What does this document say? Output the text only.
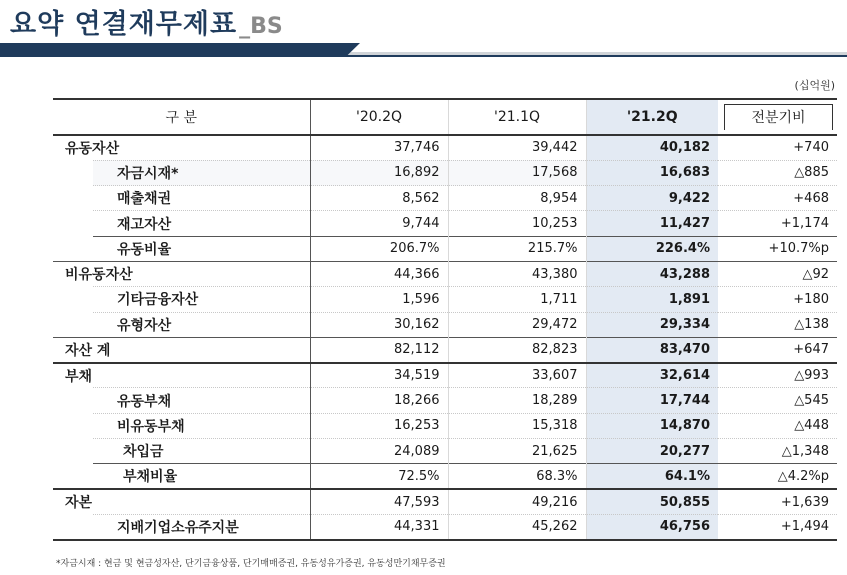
요약 연결재무제표 _BS
(십억원)
구 분		'20.2Q	'21.1Q	'21.2Q	전분기비

유동자산		37,746	39,442	40,182	+740
	자금시재*	16,892	17,568	16,683	△885
	매출채권	8,562	8,954	9,422	+468
	재고자산	9,744	10,253	11,427	+1,174
	유동비율	206.7%	215.7%	226.4%	+10.7%p
비유동자산		44,366	43,380	43,288	△92
	기타금융자산	1,596	1,711	1,891	+180
	유형자산	30,162	29,472	29,334	△138
자산 계		82,112	82,823	83,470	+647
부채		34,519	33,607	32,614	△993
	유동부채	18,266	18,289	17,744	△545
	비유동부채	16,253	15,318	14,870	△448
	차입금	24,089	21,625	20,277	△1,348
	부채비율	72.5%	68.3%	64.1%	△4.2%p
자본		47,593	49,216	50,855	+1,639
	지배기업소유주지분	44,331	45,262	46,756	+1,494
*자금시재 : 현금 및 현금성자산, 단기금융상품, 단기매매증권, 유동성유가증권, 유동성만기채무증권
